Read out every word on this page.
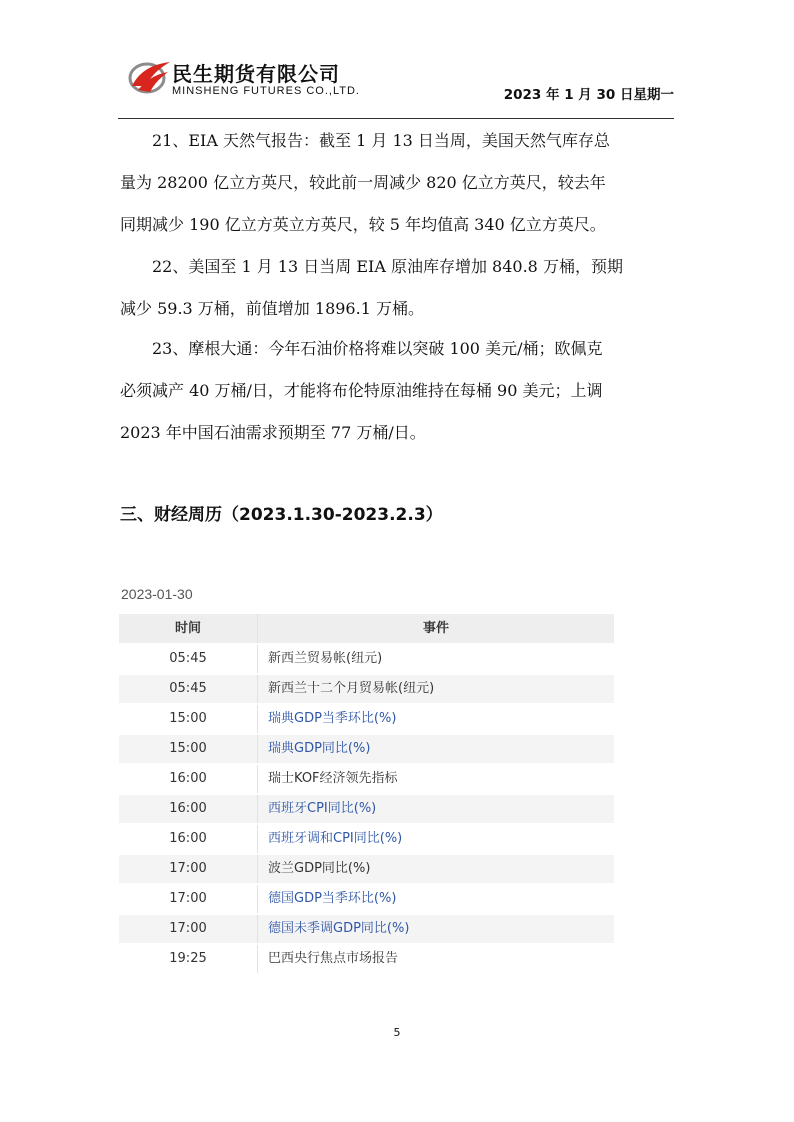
民生期货有限公司
MINSHENG FUTURES CO.,LTD.	2023 年 1 月 30 日星期一
21、EIA 天然气报告：截至 1 月 13 日当周，美国天然气库存总
量为 28200 亿立方英尺，较此前一周减少 820 亿立方英尺，较去年
同期减少 190 亿立方英立方英尺，较 5 年均值高 340 亿立方英尺。
22、美国至 1 月 13 日当周 EIA 原油库存增加 840.8 万桶，预期
减少 59.3 万桶，前值增加 1896.1 万桶。
23、摩根大通：今年石油价格将难以突破 100 美元/桶；欧佩克
必须减产 40 万桶/日，才能将布伦特原油维持在每桶 90 美元；上调
2023 年中国石油需求预期至 77 万桶/日。
三、财经周历（2023.1.30-2023.2.3）
2023-01-30
时间	事件
05:45	新西兰贸易帐(纽元)
05:45	新西兰十二个月贸易帐(纽元)
15:00	瑞典GDP当季环比(%)
15:00	瑞典GDP同比(%)
16:00	瑞士KOF经济领先指标
16:00	西班牙CPI同比(%)
16:00	西班牙调和CPI同比(%)
17:00	波兰GDP同比(%)
17:00	德国GDP当季环比(%)
17:00	德国未季调GDP同比(%)
19:25	巴西央行焦点市场报告
5
